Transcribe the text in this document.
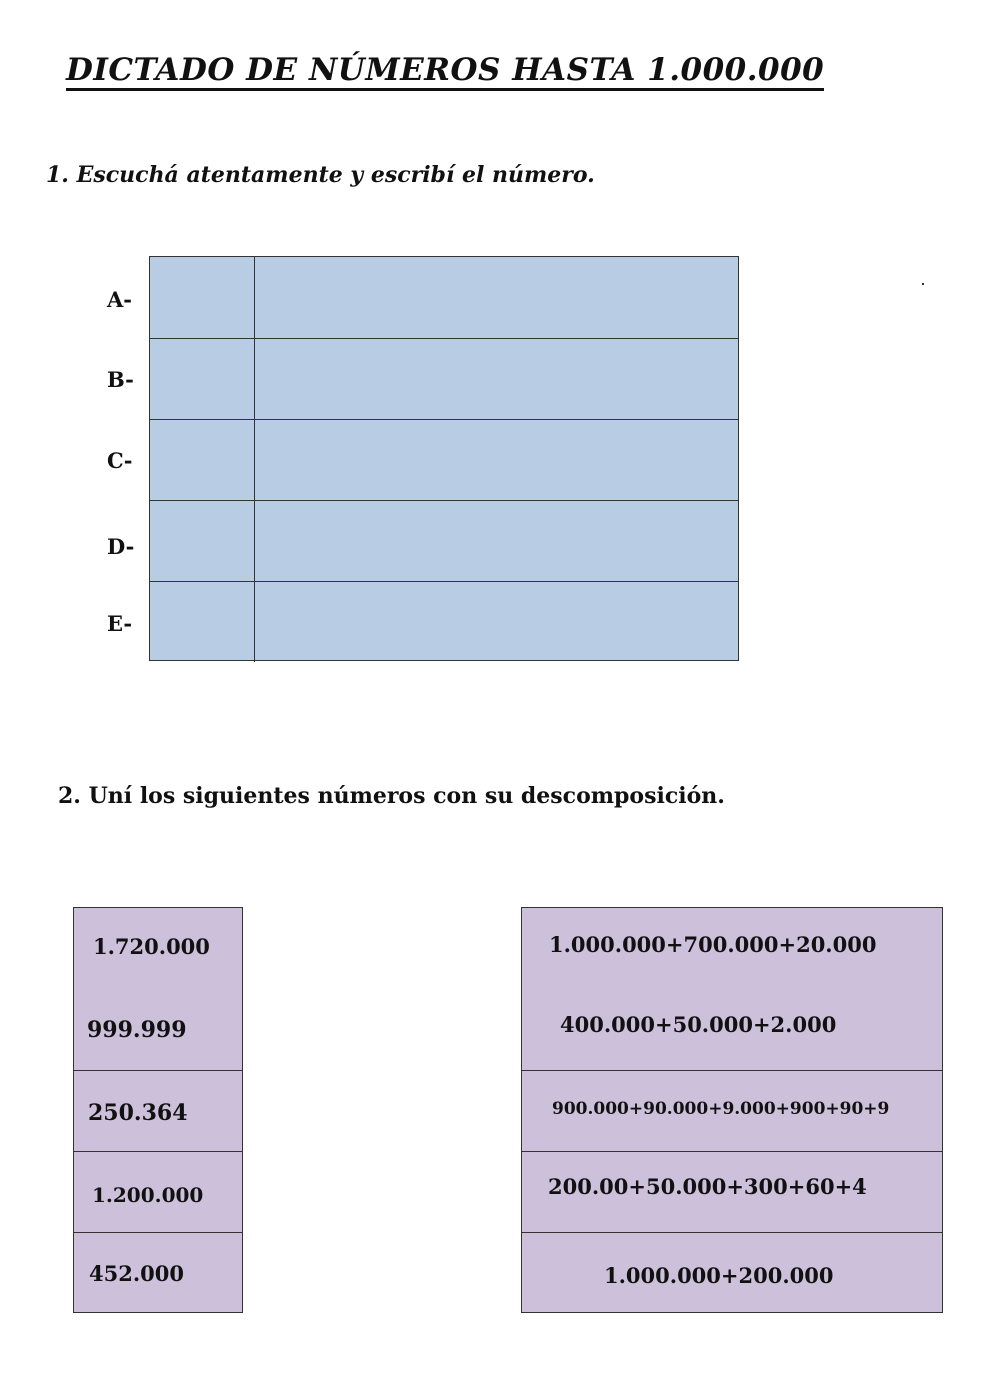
DICTADO DE NÚMEROS HASTA 1.000.000
1. Escuchá atentamente y escribí el número.
A-
B-
C-
D-
E-
2. Uní los siguientes números con su descomposición.
1.720.000
999.999
250.364
1.200.000
452.000
1.000.000+700.000+20.000
400.000+50.000+2.000
900.000+90.000+9.000+900+90+9
200.00+50.000+300+60+4
1.000.000+200.000
